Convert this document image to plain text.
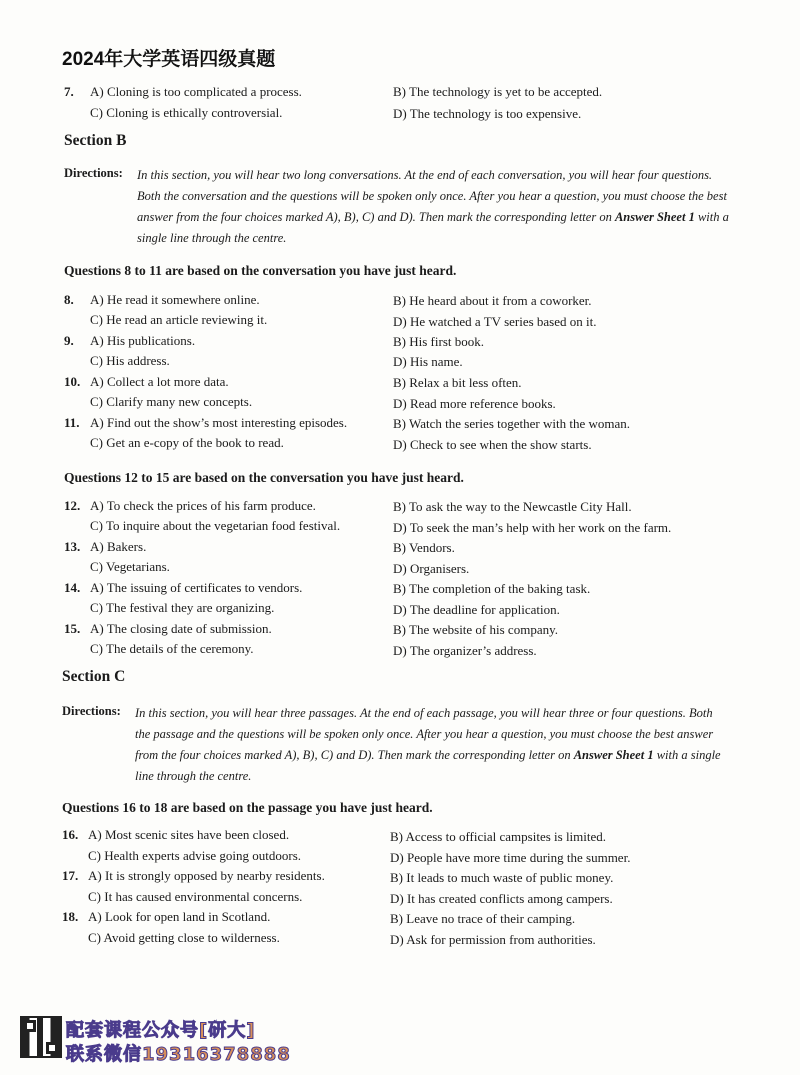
2024年大学英语四级真题
7. A) Cloning is too complicated a process.	B) The technology is yet to be accepted.
C) Cloning is ethically controversial.	D) The technology is too expensive.
Section B
Directions: In this section, you will hear two long conversations. At the end of each conversation, you will hear four questions. Both the conversation and the questions will be spoken only once. After you hear a question, you must choose the best answer from the four choices marked A), B), C) and D). Then mark the corresponding letter on Answer Sheet 1 with a single line through the centre.
Questions 8 to 11 are based on the conversation you have just heard.
8. A) He read it somewhere online.	B) He heard about it from a coworker.
C) He read an article reviewing it.	D) He watched a TV series based on it.
9. A) His publications.	B) His first book.
C) His address.	D) His name.
10. A) Collect a lot more data.	B) Relax a bit less often.
C) Clarify many new concepts.	D) Read more reference books.
11. A) Find out the show’s most interesting episodes.	B) Watch the series together with the woman.
C) Get an e-copy of the book to read.	D) Check to see when the show starts.
Questions 12 to 15 are based on the conversation you have just heard.
12. A) To check the prices of his farm produce.	B) To ask the way to the Newcastle City Hall.
C) To inquire about the vegetarian food festival.	D) To seek the man’s help with her work on the farm.
13. A) Bakers.	B) Vendors.
C) Vegetarians.	D) Organisers.
14. A) The issuing of certificates to vendors.	B) The completion of the baking task.
C) The festival they are organizing.	D) The deadline for application.
15. A) The closing date of submission.	B) The website of his company.
C) The details of the ceremony.	D) The organizer’s address.
Section C
Directions: In this section, you will hear three passages. At the end of each passage, you will hear three or four questions. Both the passage and the questions will be spoken only once. After you hear a question, you must choose the best answer from the four choices marked A), B), C) and D). Then mark the corresponding letter on Answer Sheet 1 with a single line through the centre.
Questions 16 to 18 are based on the passage you have just heard.
16. A) Most scenic sites have been closed.	B) Access to official campsites is limited.
C) Health experts advise going outdoors.	D) People have more time during the summer.
17. A) It is strongly opposed by nearby residents.	B) It leads to much waste of public money.
C) It has caused environmental concerns.	D) It has created conflicts among campers.
18. A) Look for open land in Scotland.	B) Leave no trace of their camping.
C) Avoid getting close to wilderness.	D) Ask for permission from authorities.
配套课程公众号[研大]
联系微信19316378888
